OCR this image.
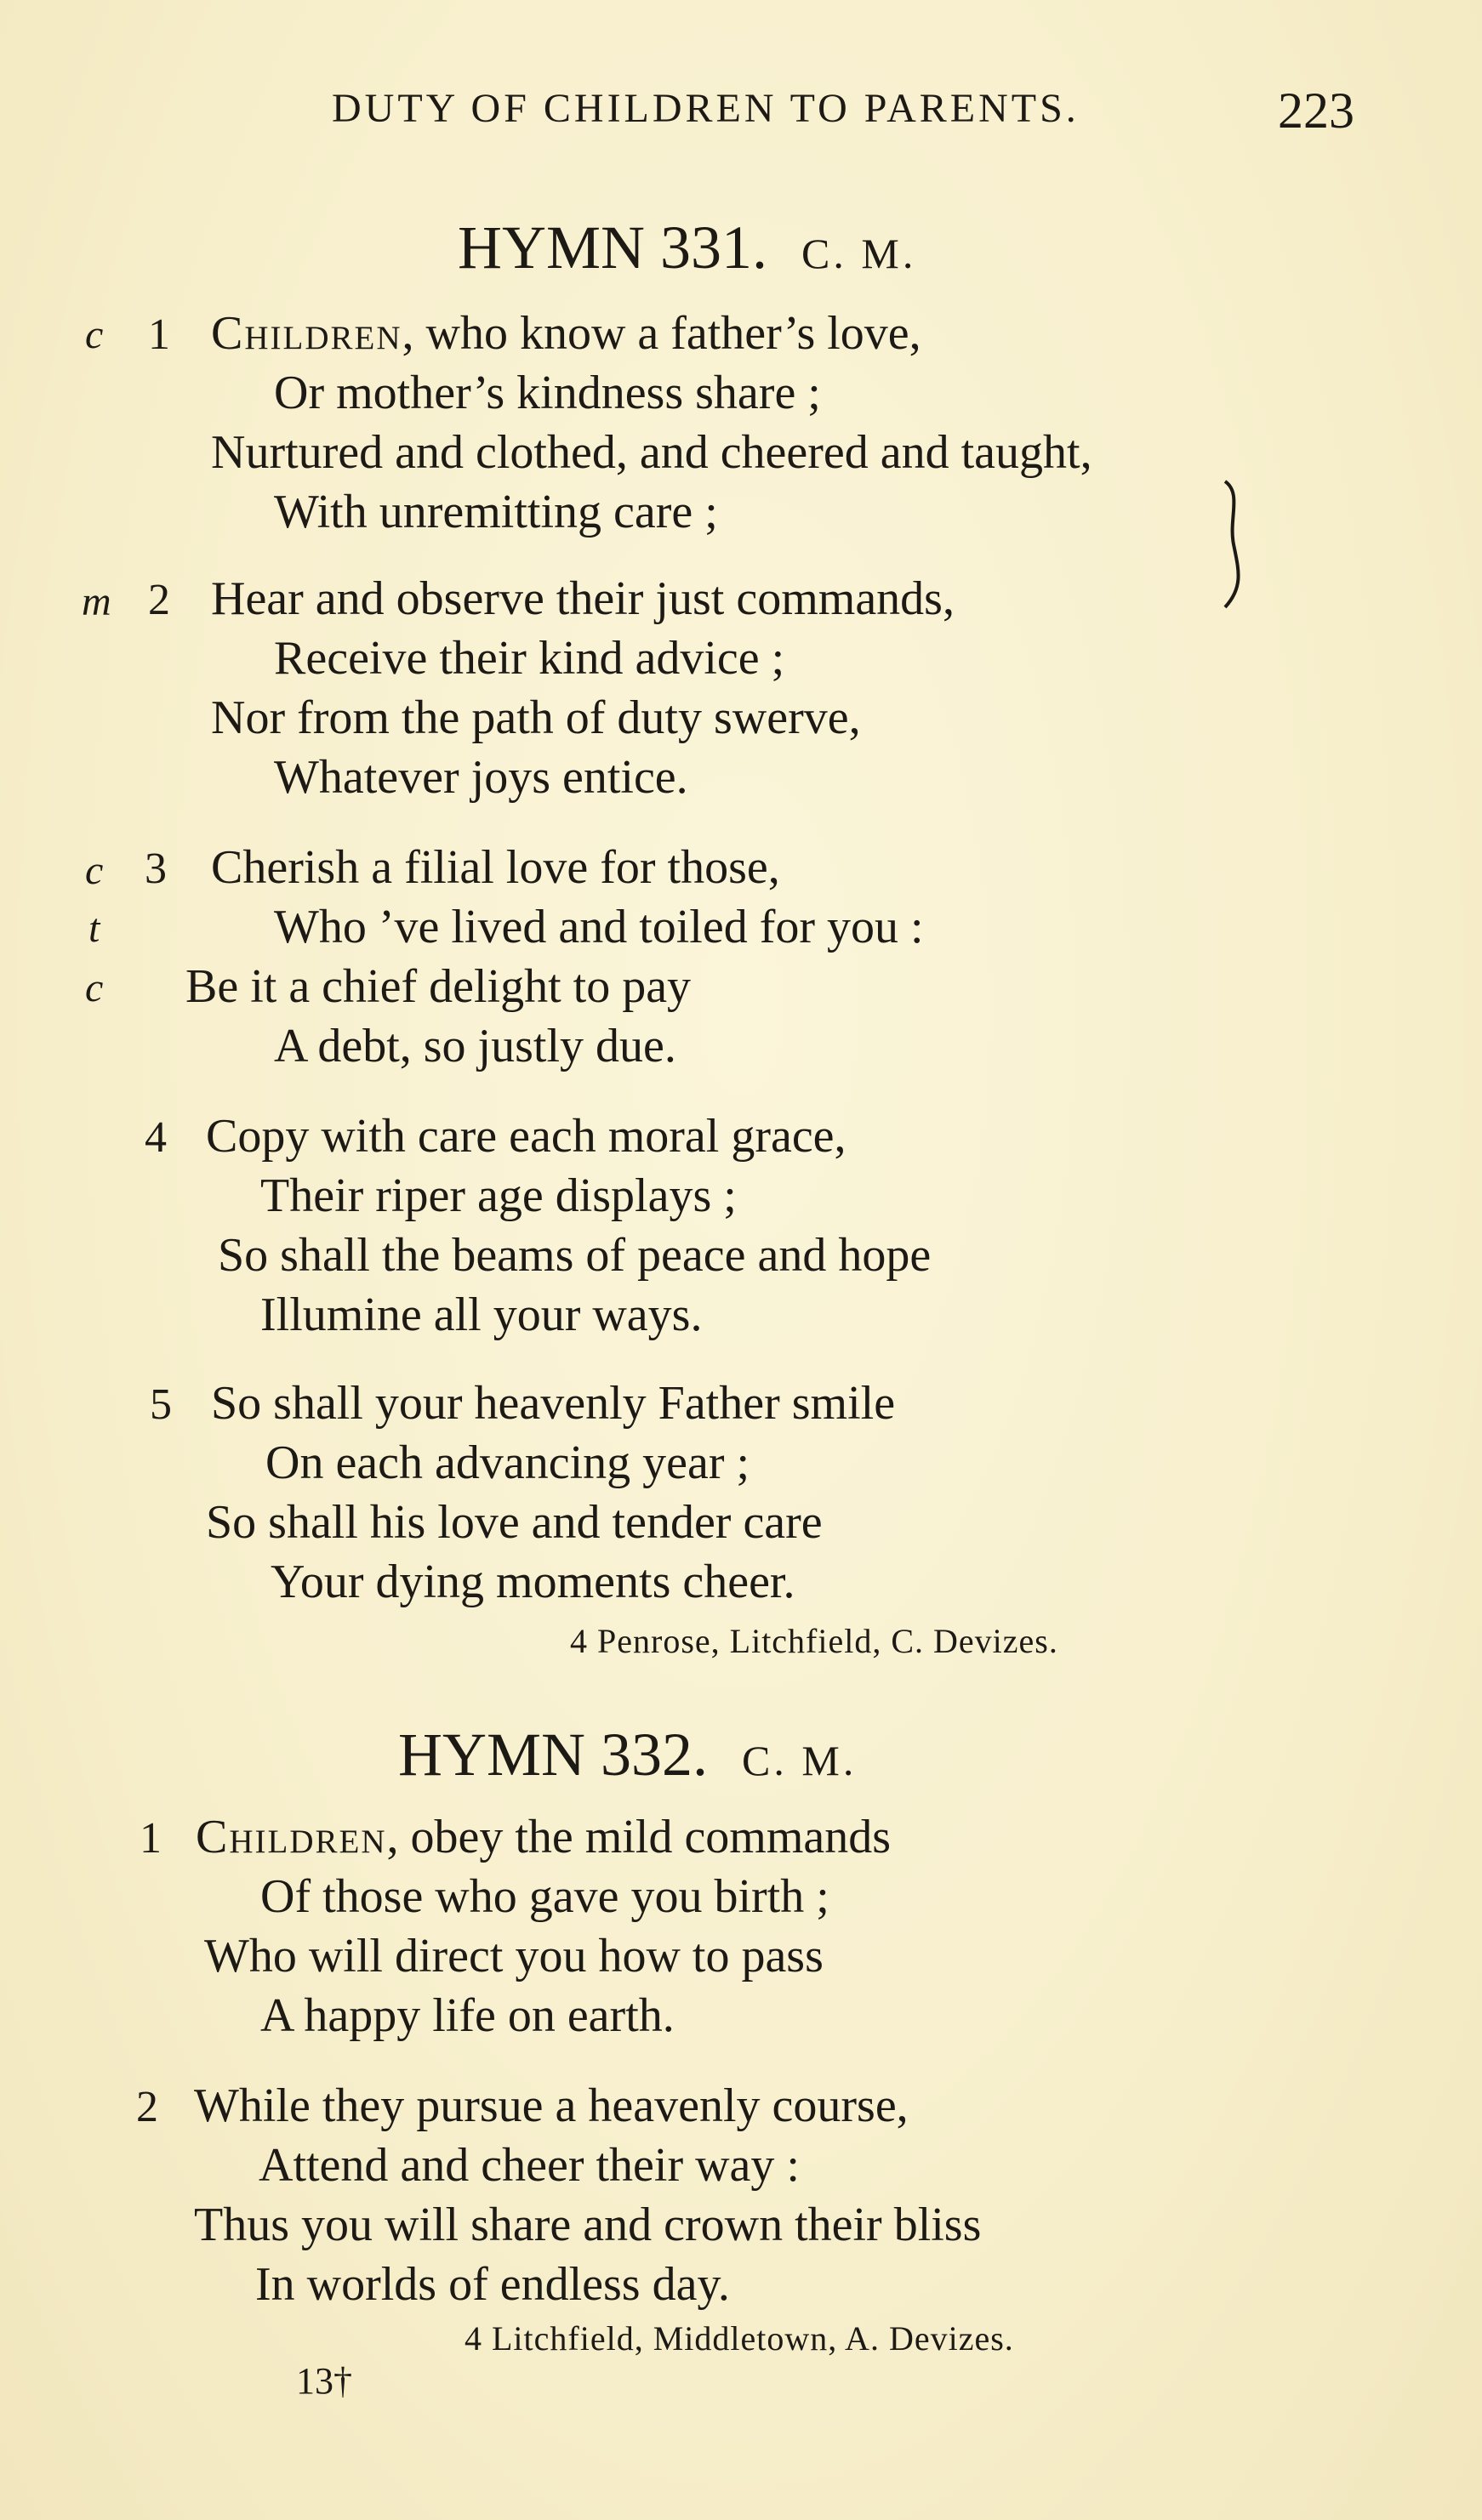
DUTY OF CHILDREN TO PARENTS.	223
HYMN 331. C. M.
c 1 Children, who know a father’s love,
Or mother’s kindness share ;
Nurtured and clothed, and cheered and taught,
With unremitting care ;
m 2 Hear and observe their just commands,
Receive their kind advice ;
Nor from the path of duty swerve,
Whatever joys entice.
c 3 Cherish a filial love for those,
t	Who ’ve lived and toiled for you :
c Be it a chief delight to pay
A debt, so justly due.
4 Copy with care each moral grace,
Their riper age displays ;
So shall the beams of peace and hope
Illumine all your ways.
5 So shall your heavenly Father smile
On each advancing year ;
So shall his love and tender care
Your dying moments cheer.
4 Penrose, Litchfield, C. Devizes.
HYMN 332. C. M.
1 Children, obey the mild commands
Of those who gave you birth ;
Who will direct you how to pass
A happy life on earth.
2 While they pursue a heavenly course,
Attend and cheer their way :
Thus you will share and crown their bliss
In worlds of endless day.
4 Litchfield, Middletown, A. Devizes.
13†
